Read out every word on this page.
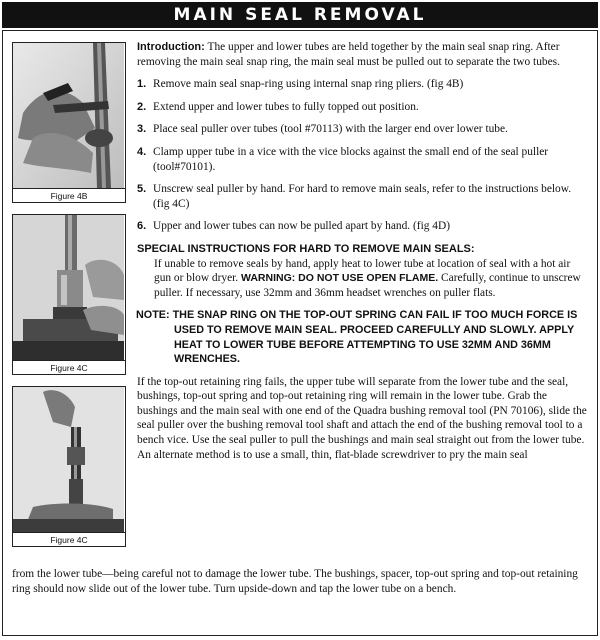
MAIN SEAL REMOVAL
Figure 4B
Figure 4C
Figure 4C
Introduction: The upper and lower tubes are held together by the main seal snap ring. After removing the main seal snap ring, the main seal must be pulled out to separate the two tubes.
1. Remove main seal snap-ring using internal snap ring pliers. (fig 4B)
2. Extend upper and lower tubes to fully topped out position.
3. Place seal puller over tubes (tool #70113) with the larger end over lower tube.
4. Clamp upper tube in a vice with the vice blocks against the small end of the seal puller (tool#70101).
5. Unscrew seal puller by hand. For hard to remove main seals, refer to the instructions below. (fig 4C)
6. Upper and lower tubes can now be pulled apart by hand. (fig 4D)
SPECIAL INSTRUCTIONS FOR HARD TO REMOVE MAIN SEALS:
If unable to remove seals by hand, apply heat to lower tube at location of seal with a hot air gun or blow dryer. WARNING: DO NOT USE OPEN FLAME. Carefully, continue to unscrew puller. If necessary, use 32mm and 36mm headset wrenches on puller flats.
NOTE: THE SNAP RING ON THE TOP-OUT SPRING CAN FAIL IF TOO MUCH FORCE IS USED TO REMOVE MAIN SEAL. PROCEED CAREFULLY AND SLOWLY. APPLY HEAT TO LOWER TUBE BEFORE ATTEMPTING TO USE 32MM AND 36MM WRENCHES.
If the top-out retaining ring fails, the upper tube will separate from the lower tube and the seal, bushings, top-out spring and top-out retaining ring will remain in the lower tube. Grab the bushings and the main seal with one end of the Quadra bushing removal tool (PN 70106), slide the seal puller over the bushing removal tool shaft and attach the end of the bushing removal tool to a bench vice. Use the seal puller to pull the bushings and main seal straight out from the lower tube. An alternate method is to use a small, thin, flat-blade screwdriver to pry the main seal
from the lower tube—being careful not to damage the lower tube. The bushings, spacer, top-out spring and top-out retaining ring should now slide out of the lower tube. Turn upside-down and tap the lower tube on a bench.
